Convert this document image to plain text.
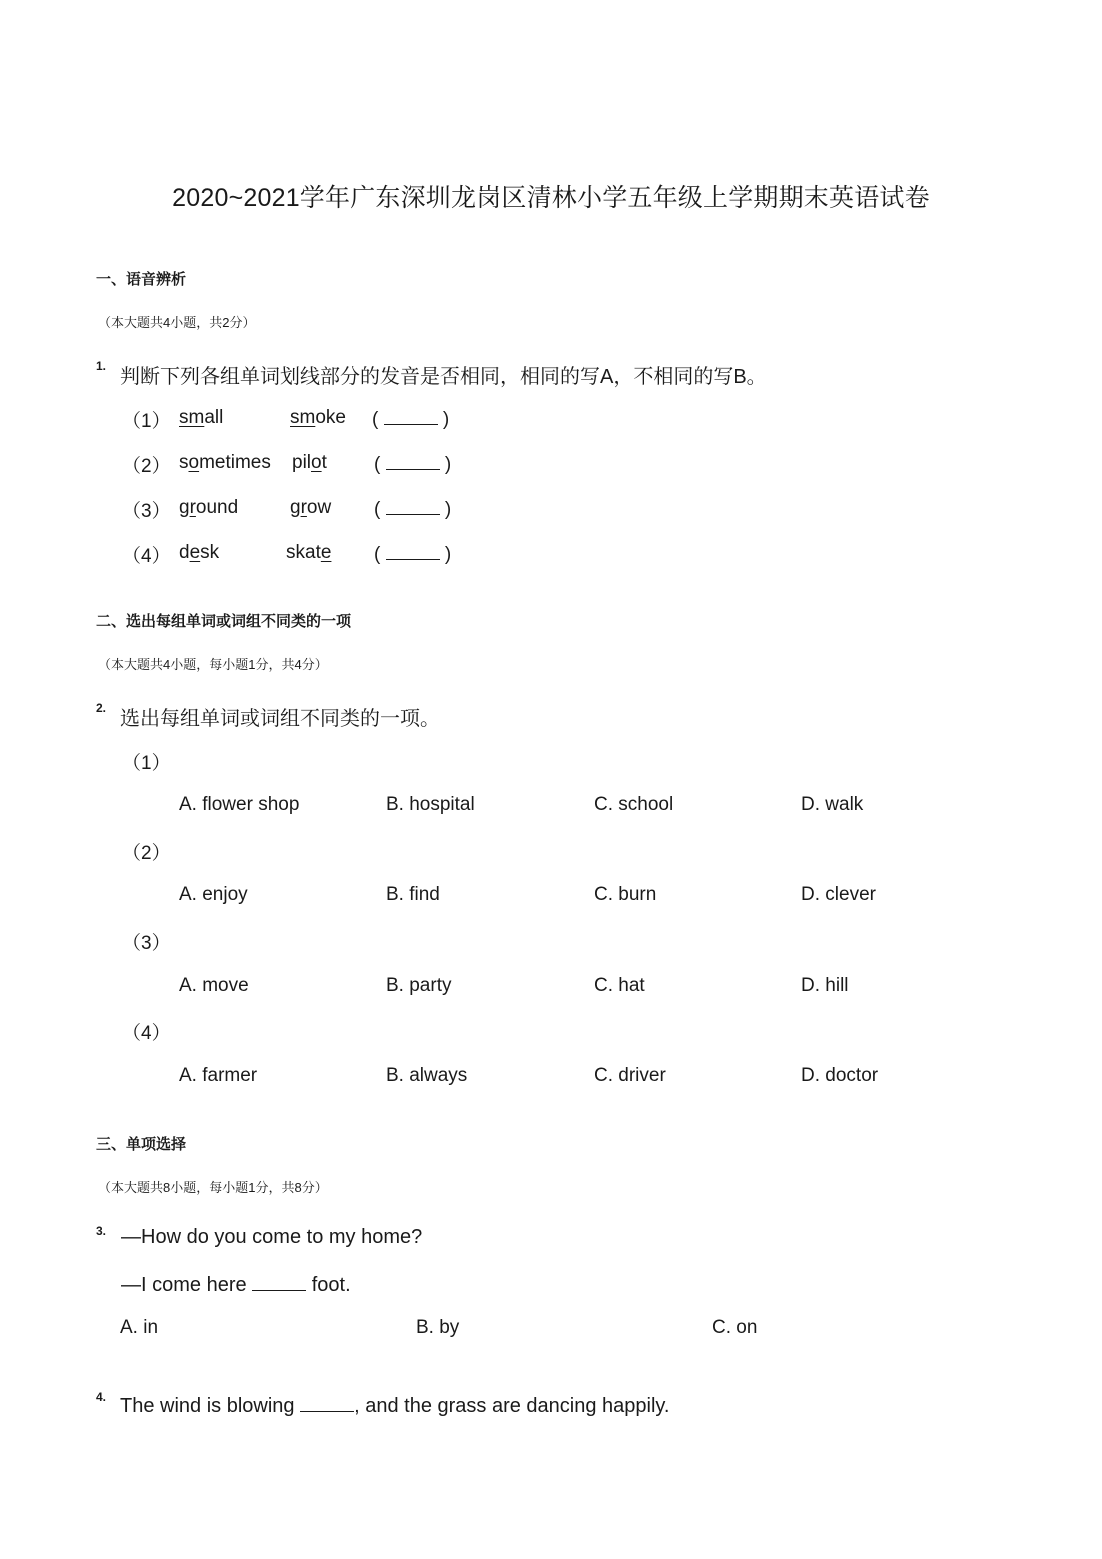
2020~2021学年广东深圳龙岗区清林小学五年级上学期期末英语试卷
一、语音辨析
（本大题共4小题，共2分）
1. 判断下列各组单词划线部分的发音是否相同，相同的写A，不相同的写B。
（1） small	smoke (	)
（2） sometimes pilot (	)
（3） ground	grow (	)
（4） desk	skate (	)
二、选出每组单词或词组不同类的一项
（本大题共4小题，每小题1分，共4分）
2. 选出每组单词或词组不同类的一项。
（1）
A. flower shop	B. hospital	C. school	D. walk
（2）
A. enjoy	B. find	C. burn	D. clever
（3）
A. move	B. party	C. hat	D. hill
（4）
A. farmer	B. always	C. driver	D. doctor
三、单项选择
（本大题共8小题，每小题1分，共8分）
3. —How do you come to my home?
—I come here	foot.
A. in	B. by	C. on
4. The wind is blowing	, and the grass are dancing happily.
